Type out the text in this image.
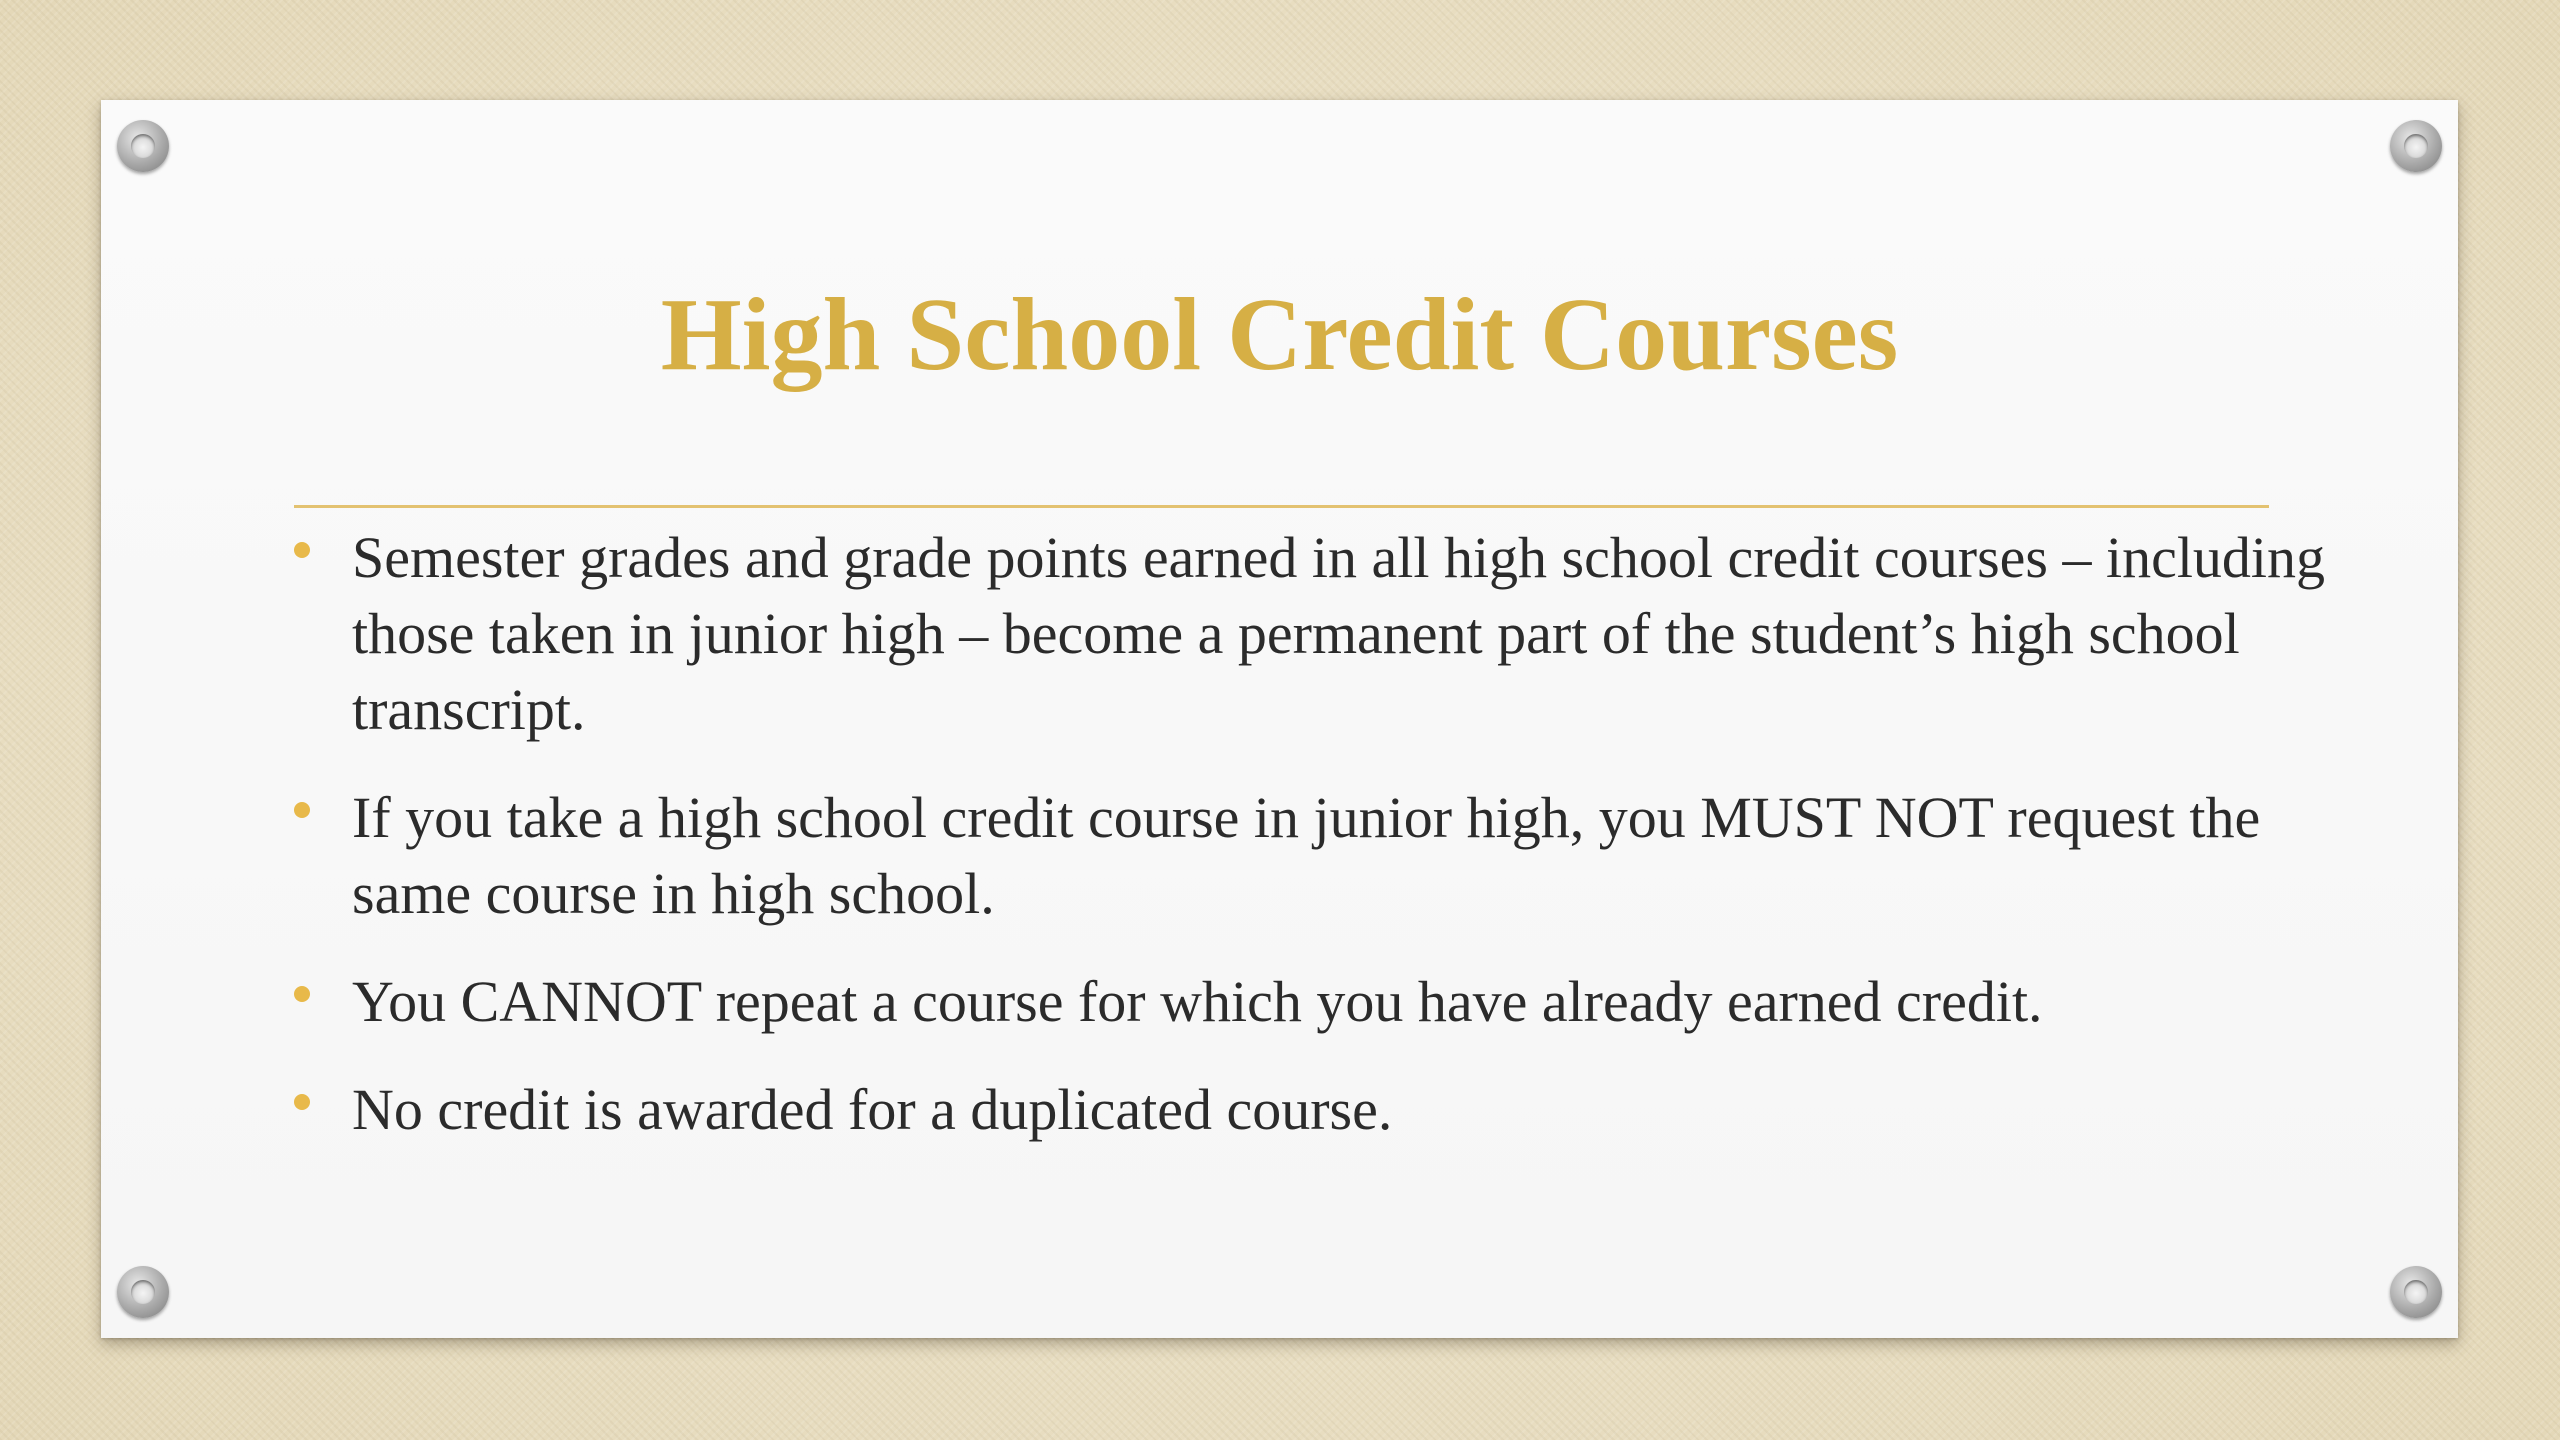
High School Credit Courses
Semester grades and grade points earned in all high school credit courses – including those taken in junior high – become a permanent part of the student’s high school transcript.
If you take a high school credit course in junior high, you MUST NOT request the same course in high school.
You CANNOT repeat a course for which you have already earned credit.
No credit is awarded for a duplicated course.
